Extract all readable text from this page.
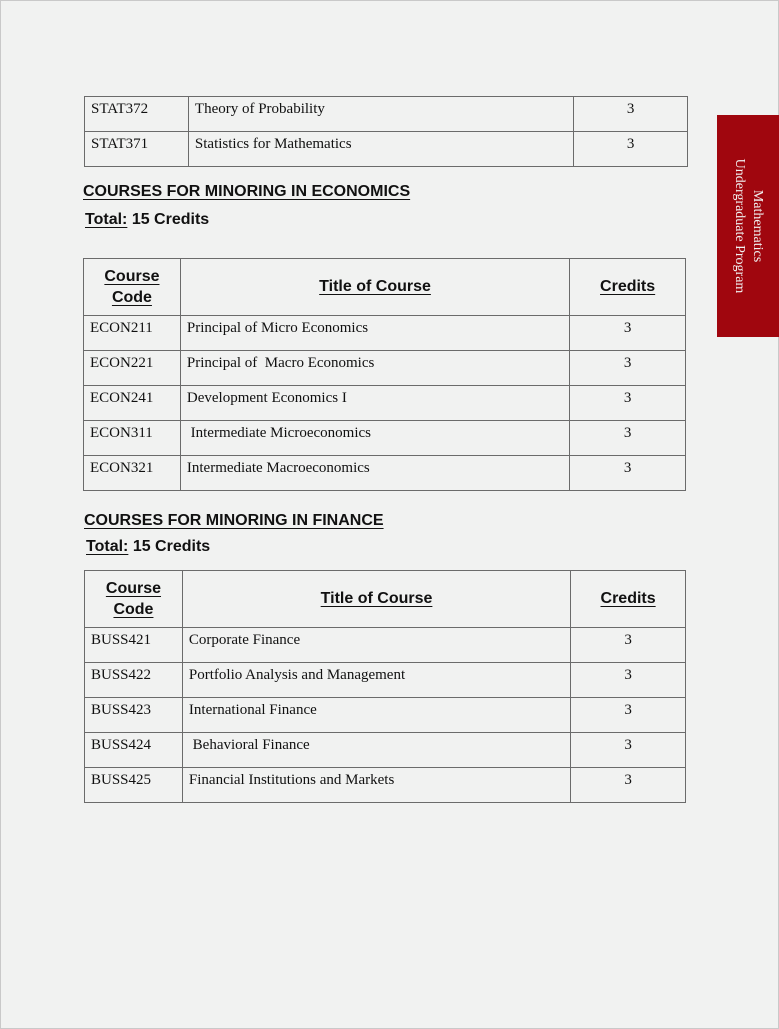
STAT372	Theory of Probability	3
STAT371	Statistics for Mathematics	3
COURSES FOR MINORING IN ECONOMICS
Total: 15 Credits
Course
Code	Title of Course	Credits
ECON211	Principal of Micro Economics	3
ECON221	Principal of  Macro Economics	3
ECON241	Development Economics I	3
ECON311	Intermediate Microeconomics	3
ECON321	Intermediate Macroeconomics	3
COURSES FOR MINORING IN FINANCE
Total: 15 Credits
Course
Code	Title of Course	Credits
BUSS421	Corporate Finance	3
BUSS422	Portfolio Analysis and Management	3
BUSS423	International Finance	3
BUSS424	Behavioral Finance	3
BUSS425	Financial Institutions and Markets	3
Mathematics
Undergraduate Program
